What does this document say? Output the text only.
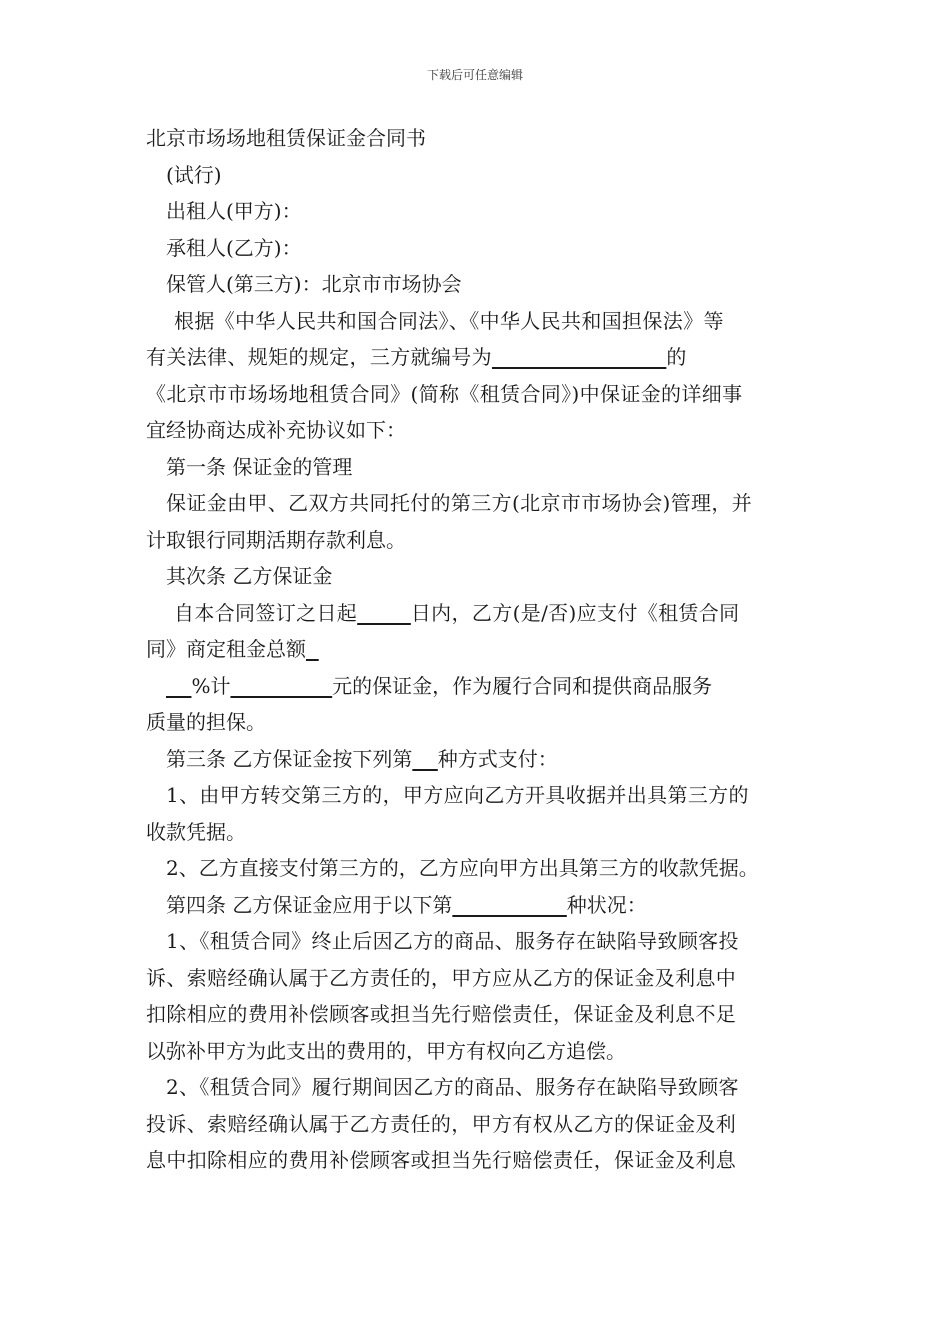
下载后可任意编辑

北京市场场地租赁保证金合同书

(试行)

出租人(甲方)：

承租人(乙方)：

保管人(第三方)：北京市市场协会

根据《中华人民共和国合同法》、《中华人民共和国担保法》等

有关法律、规矩的规定，三方就编号为	的

《北京市市场场地租赁合同》(简称《租赁合同》)中保证金的详细事

宜经协商达成补充协议如下：

第一条 保证金的管理

保证金由甲、乙双方共同托付的第三方(北京市市场协会)管理，并

计取银行同期活期存款利息。

其次条 乙方保证金

自本合同签订之日起	日内，乙方(是/否)应支付《租赁合同

同》商定租金总额

%计	元的保证金，作为履行合同和提供商品服务

质量的担保。

第三条 乙方保证金按下列第 种方式支付：

1、由甲方转交第三方的，甲方应向乙方开具收据并出具第三方的

收款凭据。

2、乙方直接支付第三方的，乙方应向甲方出具第三方的收款凭据。

第四条 乙方保证金应用于以下第	种状况：

1、《租赁合同》终止后因乙方的商品、服务存在缺陷导致顾客投

诉、索赔经确认属于乙方责任的，甲方应从乙方的保证金及利息中

扣除相应的费用补偿顾客或担当先行赔偿责任，保证金及利息不足

以弥补甲方为此支出的费用的，甲方有权向乙方追偿。

2、《租赁合同》履行期间因乙方的商品、服务存在缺陷导致顾客

投诉、索赔经确认属于乙方责任的，甲方有权从乙方的保证金及利

息中扣除相应的费用补偿顾客或担当先行赔偿责任，保证金及利息
